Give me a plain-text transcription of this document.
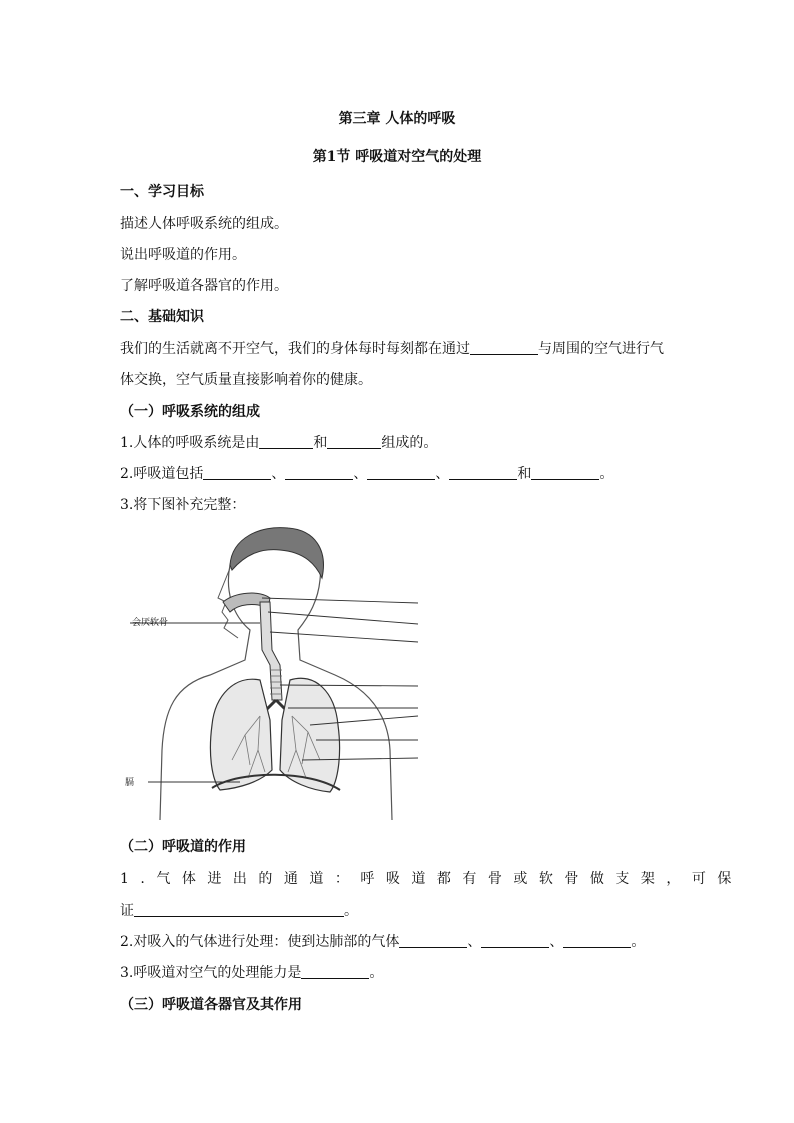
第三章 人体的呼吸
第1节 呼吸道对空气的处理
一、学习目标
描述人体呼吸系统的组成。
说出呼吸道的作用。
了解呼吸道各器官的作用。
二、基础知识
我们的生活就离不开空气，我们的身体每时每刻都在通过	与周围的空气进行气
体交换，空气质量直接影响着你的健康。
（一）呼吸系统的组成
1.人体的呼吸系统是由	和	组成的。
2.呼吸道包括	、	、	、	和	。
3.将下图补充完整：
会厌软骨
膈
（二）呼吸道的作用
1.气体进出的通道：呼吸道都有骨或软骨做支架，可保
证	。
2.对吸入的气体进行处理：使到达肺部的气体	、	、	。
3.呼吸道对空气的处理能力是	。
（三）呼吸道各器官及其作用
